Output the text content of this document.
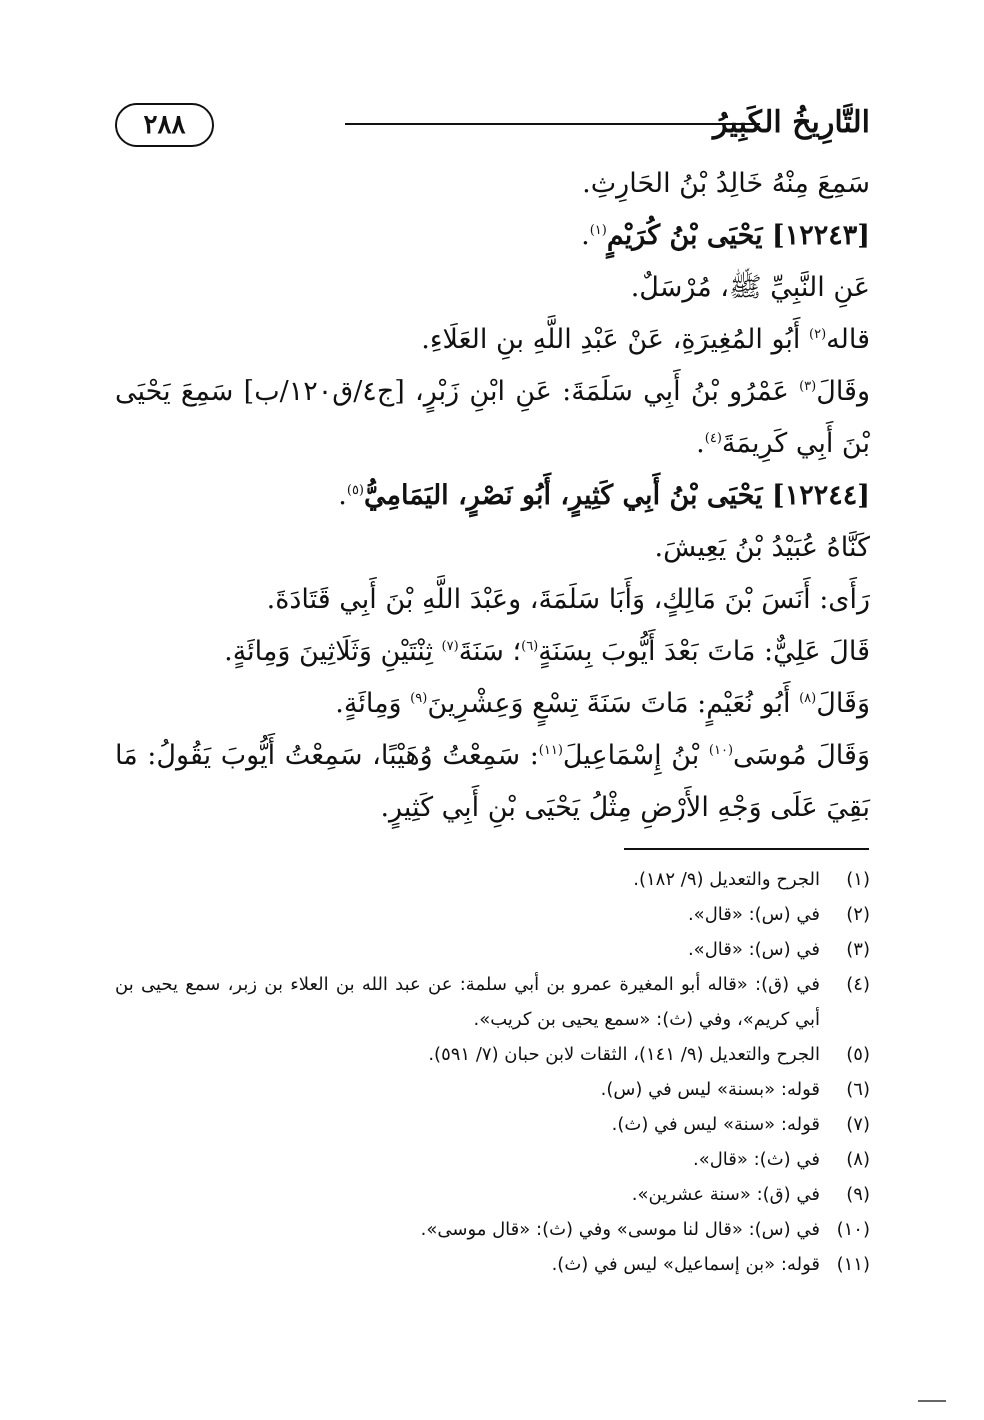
٢٨٨	التَّارِيخُ الكَبِيرُ

سَمِعَ مِنْهُ خَالِدُ بْنُ الحَارِثِ.

[١٢٢٤٣] يَحْيَى بْنُ كُرَيْمٍ$^{(١)}$.

عَنِ النَّبِيِّ ﷺ، مُرْسَلٌ.

قاله$^{(٢)}$ أَبُو المُغِيرَةِ، عَنْ عَبْدِ اللَّهِ بنِ العَلَاءِ.

وقَالَ$^{(٣)}$ عَمْرُو بْنُ أَبِي سَلَمَةَ: عَنِ ابْنِ زَبْرٍ، [ج٤/ق١٢٠/ب] سَمِعَ يَحْيَى بْنَ أَبِي كَرِيمَةَ$^{(٤)}$.

[١٢٢٤٤] يَحْيَى بْنُ أَبِي كَثِيرٍ، أَبُو نَصْرٍ، اليَمَامِيُّ$^{(٥)}$.

كَنَّاهُ عُبَيْدُ بْنُ يَعِيشَ.

رَأَى: أَنَسَ بْنَ مَالِكٍ، وَأَبَا سَلَمَةَ، وعَبْدَ اللَّهِ بْنَ أَبِي قَتَادَةَ.

قَالَ عَلِيٌّ: مَاتَ بَعْدَ أَيُّوبَ بِسَنَةٍ$^{(٦)}$؛ سَنَةَ$^{(٧)}$ ثِنْتَيْنِ وَثَلَاثِينَ وَمِائَةٍ.

وَقَالَ$^{(٨)}$ أَبُو نُعَيْمٍ: مَاتَ سَنَةَ تِسْعٍ وَعِشْرِينَ$^{(٩)}$ وَمِائَةٍ.

وَقَالَ مُوسَى$^{(١٠)}$ بْنُ إِسْمَاعِيلَ$^{(١١)}$: سَمِعْتُ وُهَيْبًا، سَمِعْتُ أَيُّوبَ يَقُولُ: مَا بَقِيَ عَلَى وَجْهِ الأَرْضِ مِثْلُ يَحْيَى بْنِ أَبِي كَثِيرٍ.

(١)
الجرح والتعديل (٩/ ١٨٢).
(٢)
في (س): «قال».
(٣)
في (س): «قال».
(٤)
في (ق): «قاله أبو المغيرة عمرو بن أبي سلمة: عن عبد الله بن العلاء بن زبر، سمع يحيى بن أبي كريم»، وفي (ث): «سمع يحيى بن كريب».
(٥)
الجرح والتعديل (٩/ ١٤١)، الثقات لابن حبان (٧/ ٥٩١).
(٦)
قوله: «بسنة» ليس في (س).
(٧)
قوله: «سنة» ليس في (ث).
(٨)
في (ث): «قال».
(٩)
في (ق): «سنة عشرين».
(١٠)
في (س): «قال لنا موسى» وفي (ث): «قال موسى».
(١١)
قوله: «بن إسماعيل» ليس في (ث).
